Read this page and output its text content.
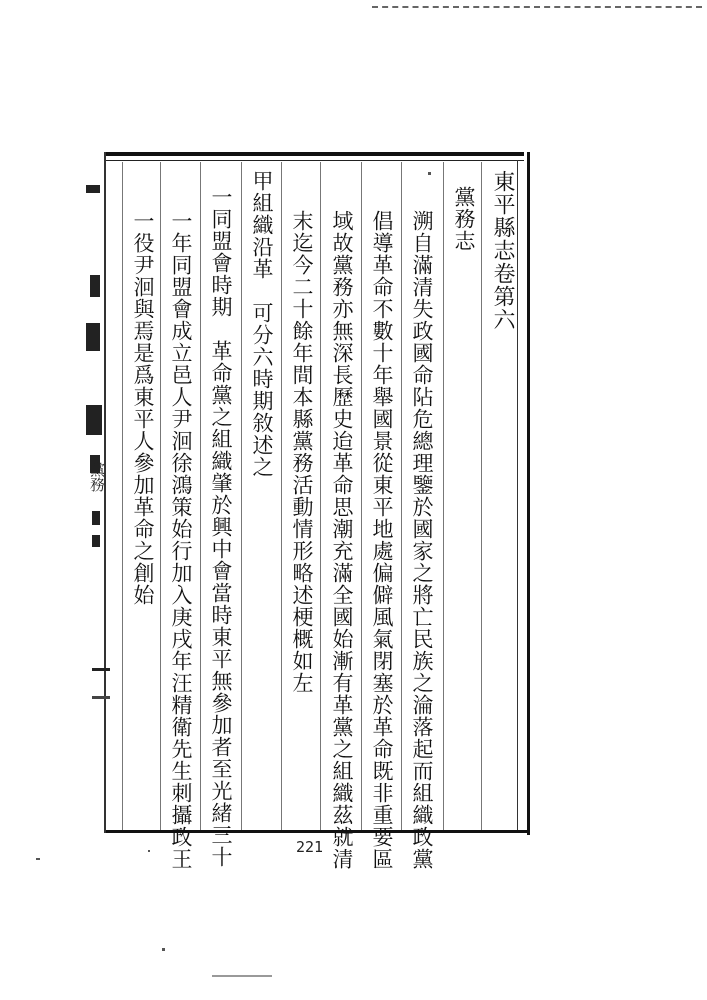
東平縣志卷第六
黨務志
溯自滿清失政國命阽危總理鑒於國家之將亡民族之淪落起而組織政黨
倡導革命不數十年舉國景從東平地處偏僻風氣閉塞於革命既非重要區
域故黨務亦無深長歷史迨革命思潮充滿全國始漸有革黨之組織茲就清
末迄今二十餘年間本縣黨務活動情形略述梗概如左
甲組織沿革　可分六時期敘述之
一同盟會時期　革命黨之組織肇於興中會當時東平無參加者至光緒三十
一年同盟會成立邑人尹洄徐鴻策始行加入庚戌年汪精衛先生刺攝政王
一役尹洄與焉是爲東平人參加革命之創始
黨務
221
